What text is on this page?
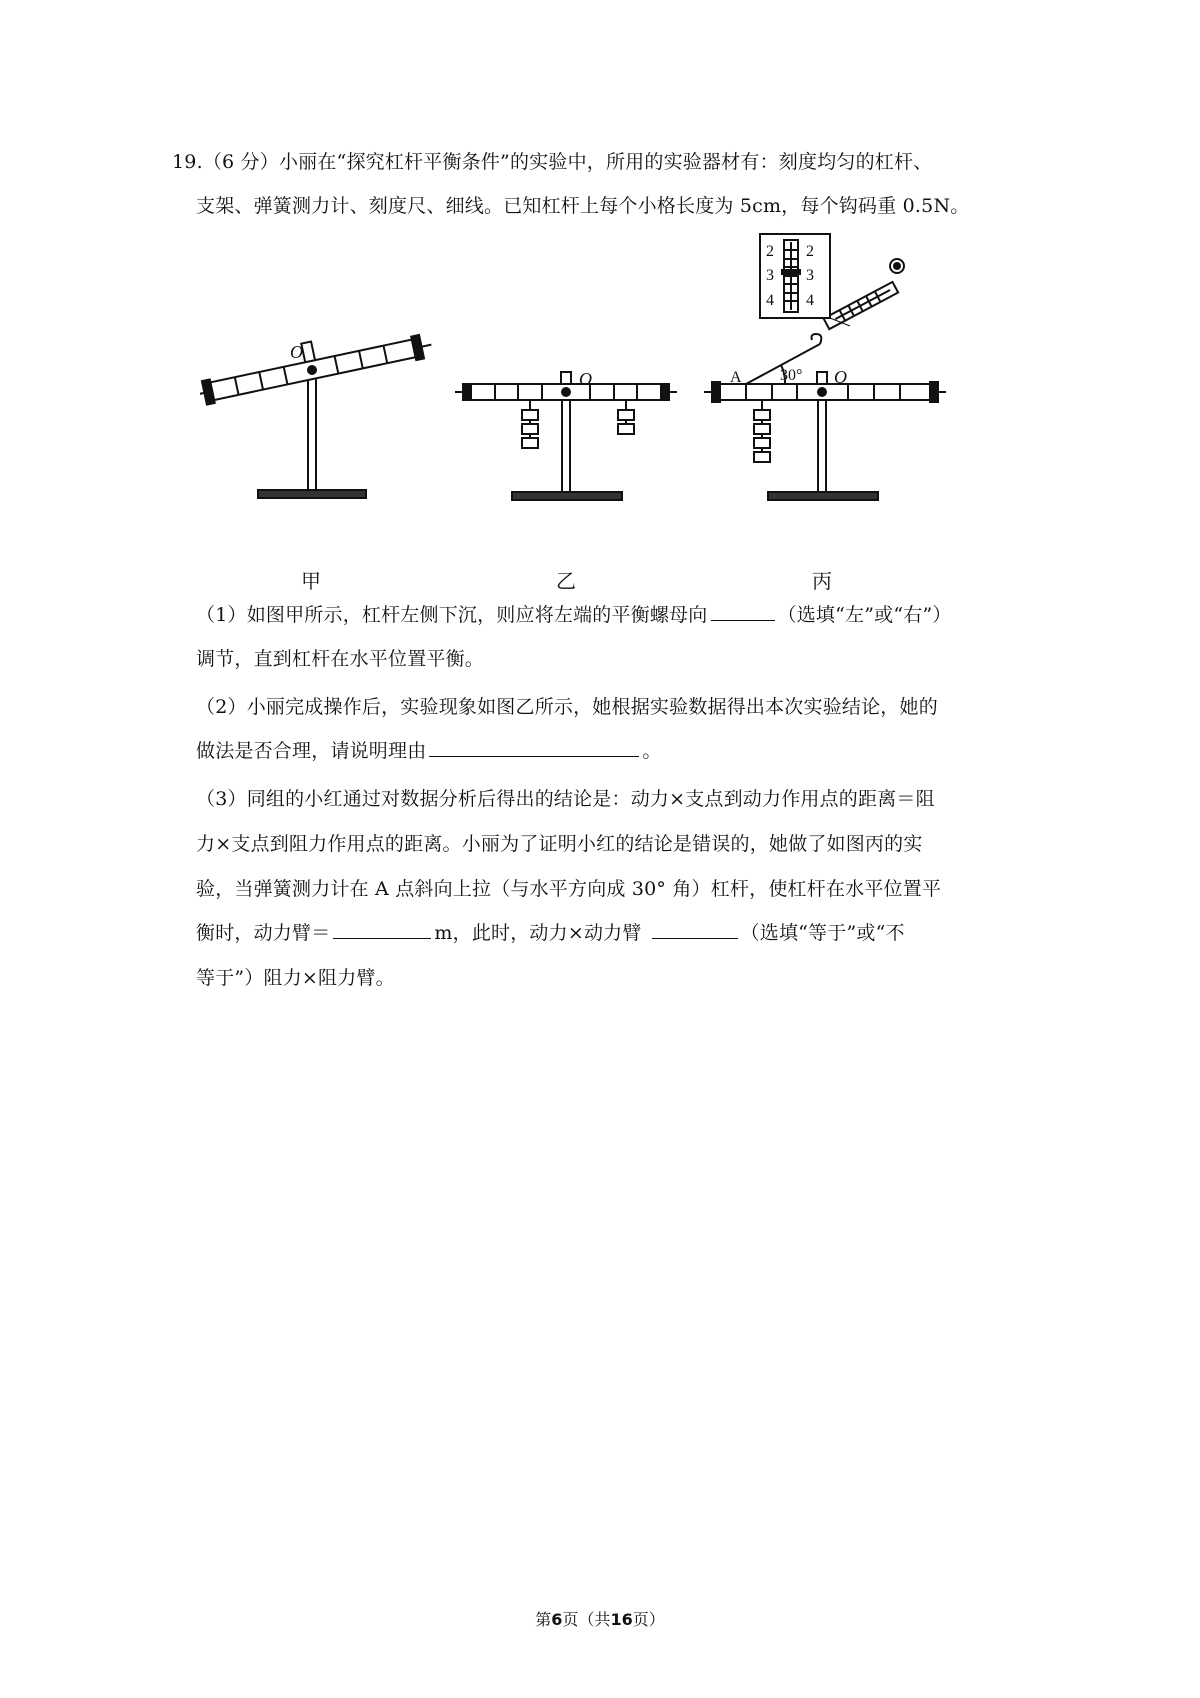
19.（6 分）小丽在“探究杠杆平衡条件”的实验中，所用的实验器材有：刻度均匀的杠杆、
支架、弹簧测力计、刻度尺、细线。已知杠杆上每个小格长度为 5cm，每个钩码重 0.5N。
O
O	O
A 30°
2
3
4
2
3
4
甲	乙	丙
（1）如图甲所示，杠杆左侧下沉，则应将左端的平衡螺母向	（选填“左”或“右”）
调节，直到杠杆在水平位置平衡。
（2）小丽完成操作后，实验现象如图乙所示，她根据实验数据得出本次实验结论，她的
做法是否合理，请说明理由	。
（3）同组的小红通过对数据分析后得出的结论是：动力×支点到动力作用点的距离＝阻
力×支点到阻力作用点的距离。小丽为了证明小红的结论是错误的，她做了如图丙的实
验，当弹簧测力计在 A 点斜向上拉（与水平方向成 30° 角）杠杆，使杠杆在水平位置平
衡时，动力臂＝	m，此时，动力×动力臂	（选填“等于”或“不
等于”）阻力×阻力臂。
第6页（共16页）
